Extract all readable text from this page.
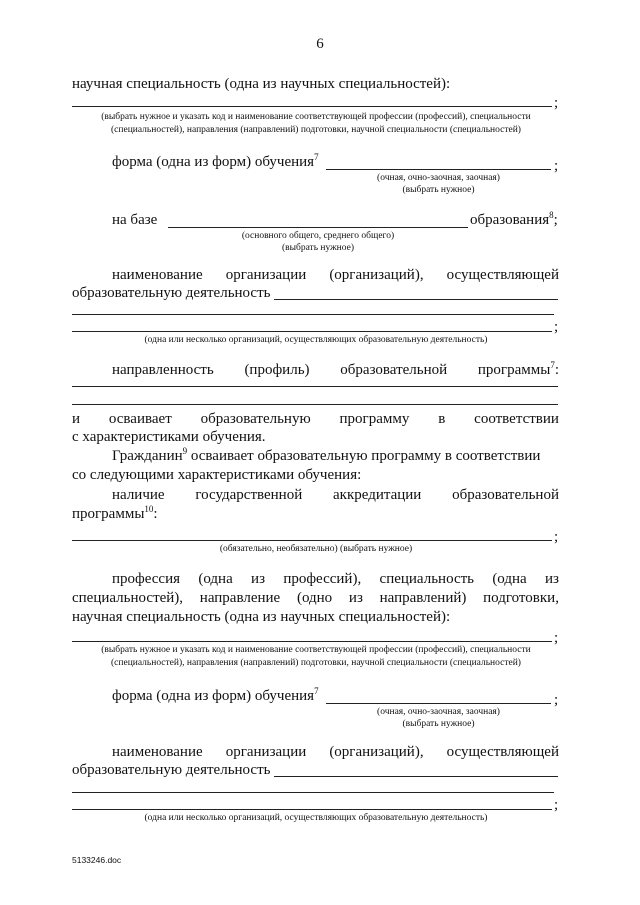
6
научная специальность (одна из научных специальностей):
;
(выбрать нужное и указать код и наименование соответствующей профессии (профессий), специальности
(специальностей), направления (направлений) подготовки, научной специальности (специальностей)
форма (одна из форм) обучения$^7$
;
(очная, очно-заочная, заочная)
(выбрать нужное)
на базе	образования$^8$;
(основного общего, среднего общего)
(выбрать нужное)
наименование организации (организаций), осуществляющей
образовательную деятельность
;
(одна или несколько организаций, осуществляющих образовательную деятельность)
направленность (профиль) образовательной программы$^7$:
и осваивает образовательную программу в соответствии
с характеристиками обучения.
Гражданин$^9$ осваивает образовательную программу в соответствии
со следующими характеристиками обучения:
наличие государственной аккредитации образовательной
программы$^{10}$:
;
(обязательно, необязательно) (выбрать нужное)
профессия (одна из профессий), специальность (одна из
специальностей), направление (одно из направлений) подготовки,
научная специальность (одна из научных специальностей):
;
(выбрать нужное и указать код и наименование соответствующей профессии (профессий), специальности
(специальностей), направления (направлений) подготовки, научной специальности (специальностей)
форма (одна из форм) обучения$^7$
;
(очная, очно-заочная, заочная)
(выбрать нужное)
наименование организации (организаций), осуществляющей
образовательную деятельность
;
(одна или несколько организаций, осуществляющих образовательную деятельность)
5133246.doc
